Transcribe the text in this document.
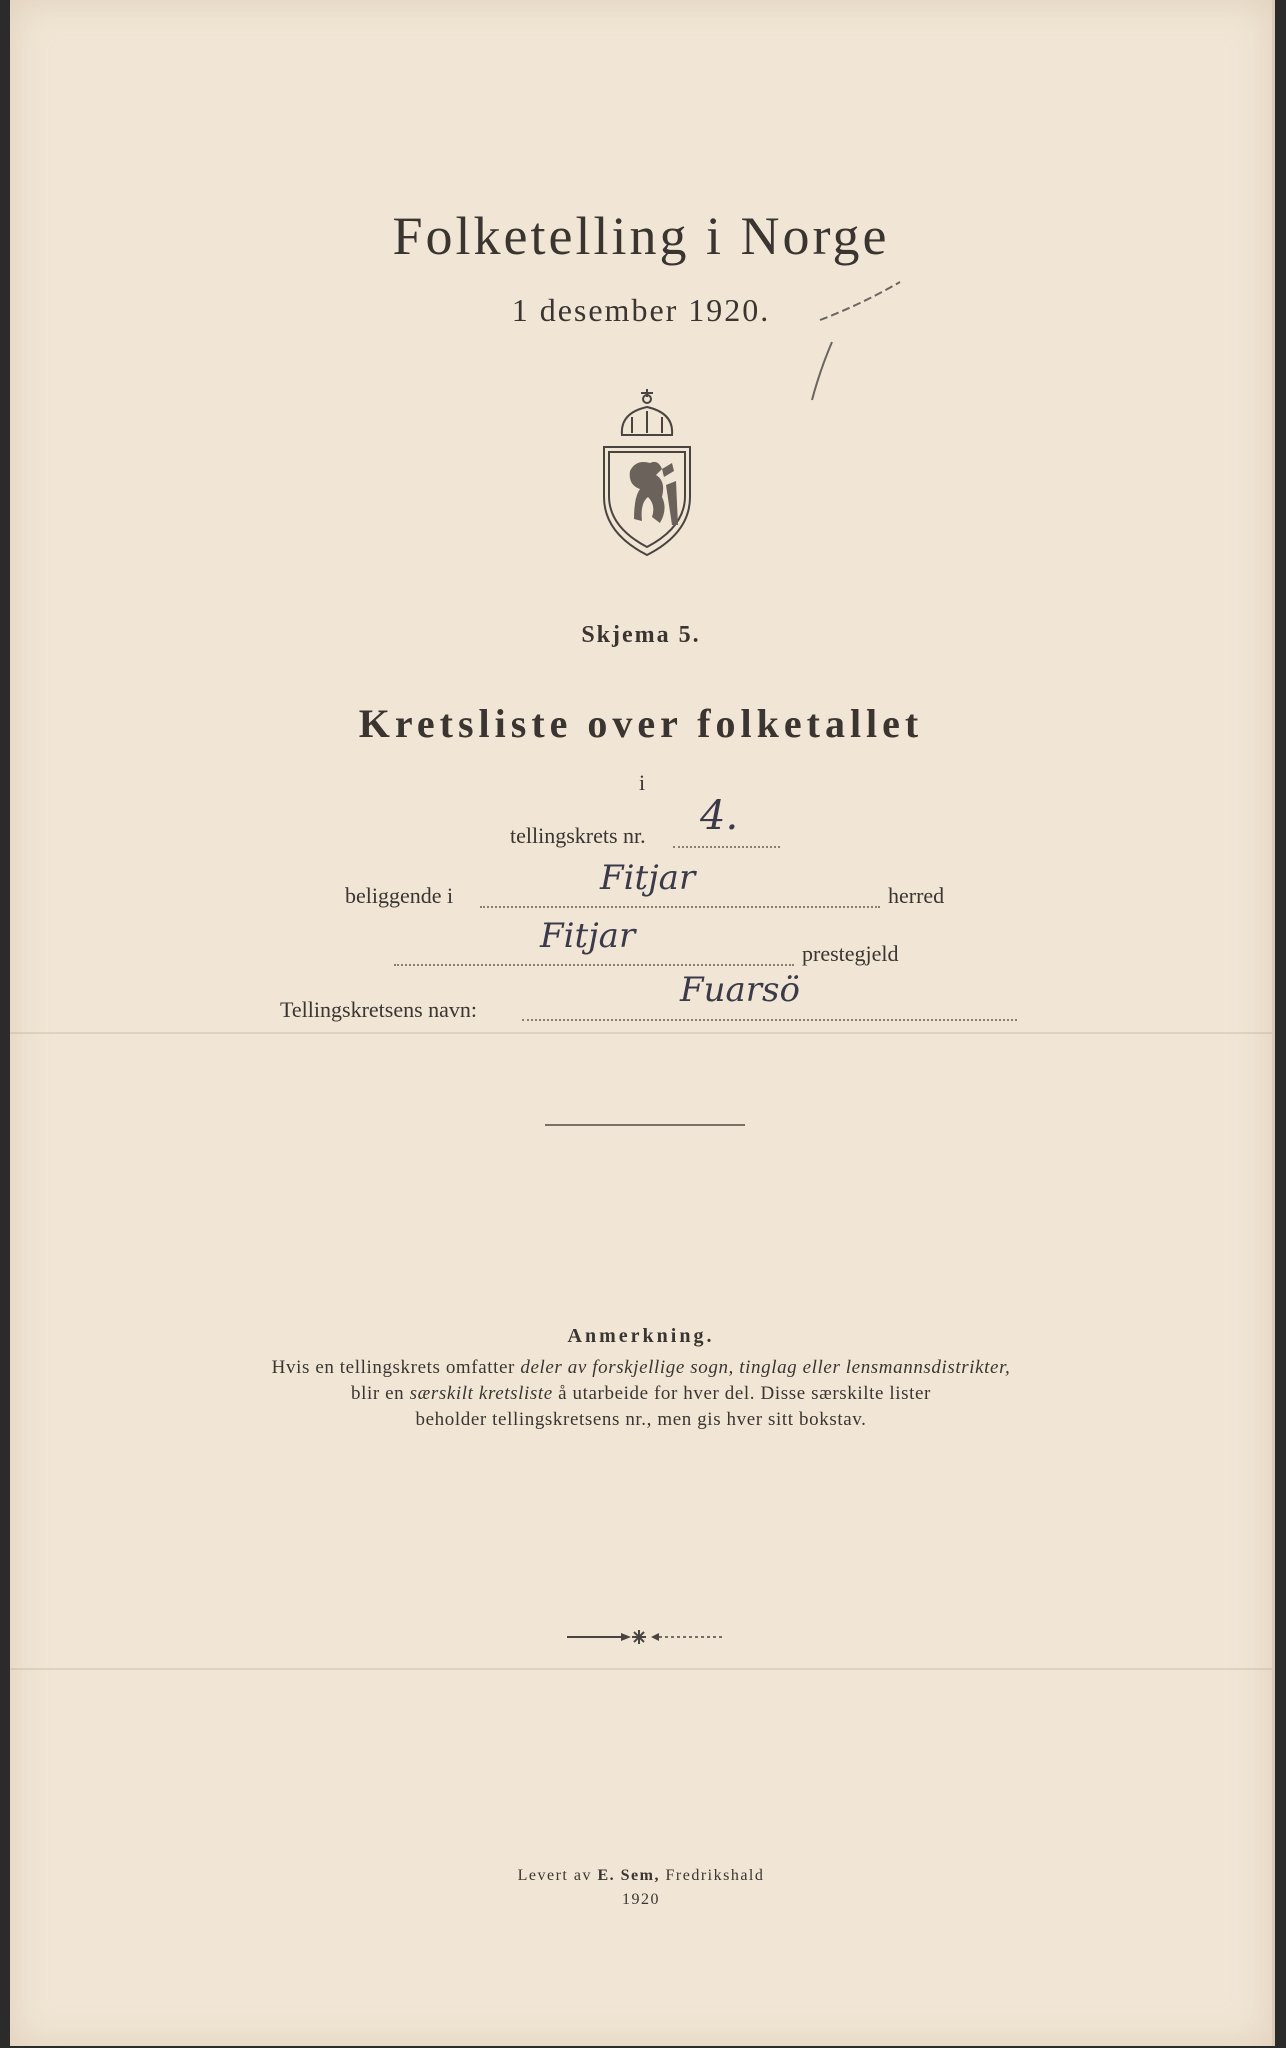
Folketelling i Norge
1 desember 1920.
Skjema 5.
Kretsliste over folketallet
i
tellingskrets nr. 4.
beliggende i	Fitjar	herred
Fitjar	prestegjeld
Tellingskretsens navn:	Fuarsö
Anmerkning.
Hvis en tellingskrets omfatter deler av forskjellige sogn, tinglag eller lensmannsdistrikter,
blir en særskilt kretsliste å utarbeide for hver del. Disse særskilte lister
beholder tellingskretsens nr., men gis hver sitt bokstav.
Levert av E. Sem, Fredrikshald
1920
